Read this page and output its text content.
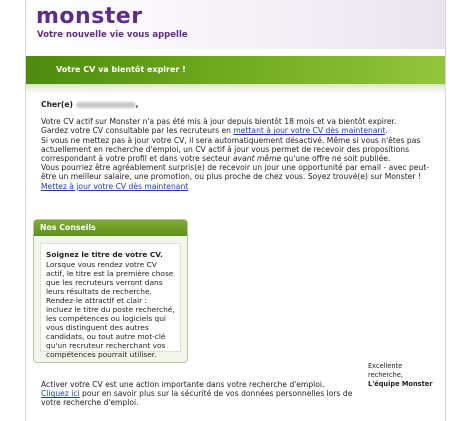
monster
Votre nouvelle vie vous appelle
Votre CV va bientôt expirer !

Cher(e)	,

Votre CV actif sur Monster n'a pas été mis à jour depuis bientôt 18 mois et va bientôt expirer.

Gardez votre CV consultable par les recruteurs en mettant à jour votre CV dès maintenant.

Si vous ne mettez pas à jour votre CV, il sera automatiquement désactivé. Même si vous n'êtes pas actuellement en recherche d'emploi, un CV actif à jour vous permet de recevoir des propositions correspondant à votre profil et dans votre secteur avant même qu'une offre ne soit publiée.

Vous pourriez être agréablement surpris(e) de recevoir un jour une opportunité par email - avec peut-être un meilleur salaire, une promotion, ou plus proche de chez vous. Soyez trouvé(e) sur Monster !

Mettez à jour votre CV dès maintenant

Nos Conseils
Soignez le titre de votre CV.
Lorsque vous rendez votre CV actif, le titre est la première chose que les recruteurs verront dans leurs résultats de recherche. Rendez-le attractif et clair : incluez le titre du poste recherché, les compétences ou logiciels qui vous distinguent des autres candidats, ou tout autre mot-clé qu'un recruteur recherchant vos compétences pourrait utiliser.
Excellente recherche,
L'équipe Monster

Activer votre CV est une action importante dans votre recherche d'emploi.

Cliquez ici pour en savoir plus sur la sécurité de vos données personnelles lors de votre recherche d'emploi.
